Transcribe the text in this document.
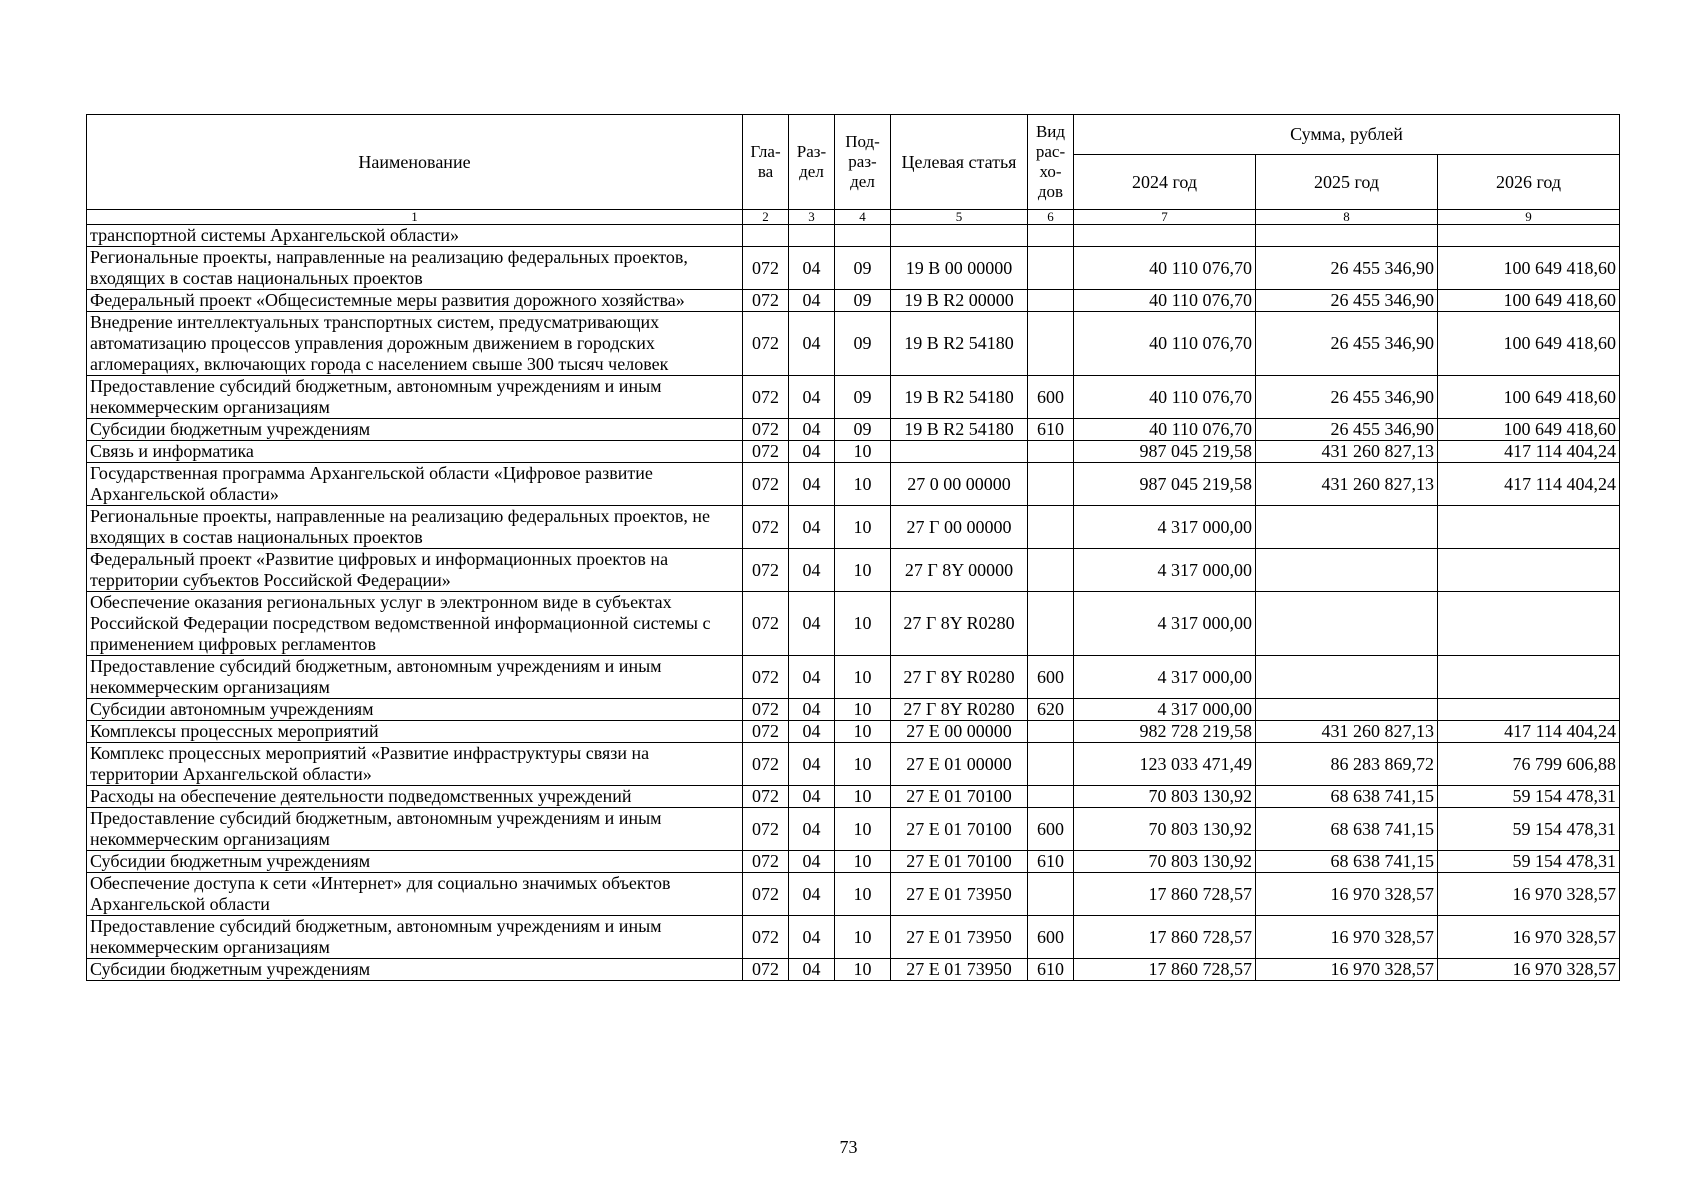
Наименование	Гла-ва	Раз-дел	Под-раз-дел	Целевая статья	Вид рас-хо-дов	Сумма, рублей		
						2024 год	2025 год	2026 год
1	2	3	4	5	6	7	8	9
транспортной системы Архангельской области»								
Региональные проекты, направленные на реализацию федеральных проектов, входящих в состав национальных проектов	072	04	09	19 В 00 00000		40 110 076,70	26 455 346,90	100 649 418,60
Федеральный проект «Общесистемные меры развития дорожного хозяйства»	072	04	09	19 В R2 00000		40 110 076,70	26 455 346,90	100 649 418,60
Внедрение интеллектуальных транспортных систем, предусматривающих автоматизацию процессов управления дорожным движением в городских агломерациях, включающих города с населением свыше 300 тысяч человек	072	04	09	19 В R2 54180		40 110 076,70	26 455 346,90	100 649 418,60
Предоставление субсидий бюджетным, автономным учреждениям и иным некоммерческим организациям	072	04	09	19 В R2 54180	600	40 110 076,70	26 455 346,90	100 649 418,60
Субсидии бюджетным учреждениям	072	04	09	19 В R2 54180	610	40 110 076,70	26 455 346,90	100 649 418,60
Связь и информатика	072	04	10			987 045 219,58	431 260 827,13	417 114 404,24
Государственная программа Архангельской области «Цифровое развитие Архангельской области»	072	04	10	27 0 00 00000		987 045 219,58	431 260 827,13	417 114 404,24
Региональные проекты, направленные на реализацию федеральных проектов, не входящих в состав национальных проектов	072	04	10	27 Г 00 00000		4 317 000,00		
Федеральный проект «Развитие цифровых и информационных проектов на территории субъектов Российской Федерации»	072	04	10	27 Г 8Y 00000		4 317 000,00		
Обеспечение оказания региональных услуг в электронном виде в субъектах Российской Федерации посредством ведомственной информационной системы с применением цифровых регламентов	072	04	10	27 Г 8Y R0280		4 317 000,00		
Предоставление субсидий бюджетным, автономным учреждениям и иным некоммерческим организациям	072	04	10	27 Г 8Y R0280	600	4 317 000,00		
Субсидии автономным учреждениям	072	04	10	27 Г 8Y R0280	620	4 317 000,00		
Комплексы процессных мероприятий	072	04	10	27 Е 00 00000		982 728 219,58	431 260 827,13	417 114 404,24
Комплекс процессных мероприятий «Развитие инфраструктуры связи на территории Архангельской области»	072	04	10	27 Е 01 00000		123 033 471,49	86 283 869,72	76 799 606,88
Расходы на обеспечение деятельности подведомственных учреждений	072	04	10	27 Е 01 70100		70 803 130,92	68 638 741,15	59 154 478,31
Предоставление субсидий бюджетным, автономным учреждениям и иным некоммерческим организациям	072	04	10	27 Е 01 70100	600	70 803 130,92	68 638 741,15	59 154 478,31
Субсидии бюджетным учреждениям	072	04	10	27 Е 01 70100	610	70 803 130,92	68 638 741,15	59 154 478,31
Обеспечение доступа к сети «Интернет» для социально значимых объектов Архангельской области	072	04	10	27 Е 01 73950		17 860 728,57	16 970 328,57	16 970 328,57
Предоставление субсидий бюджетным, автономным учреждениям и иным некоммерческим организациям	072	04	10	27 Е 01 73950	600	17 860 728,57	16 970 328,57	16 970 328,57
Субсидии бюджетным учреждениям	072	04	10	27 Е 01 73950	610	17 860 728,57	16 970 328,57	16 970 328,57
73
